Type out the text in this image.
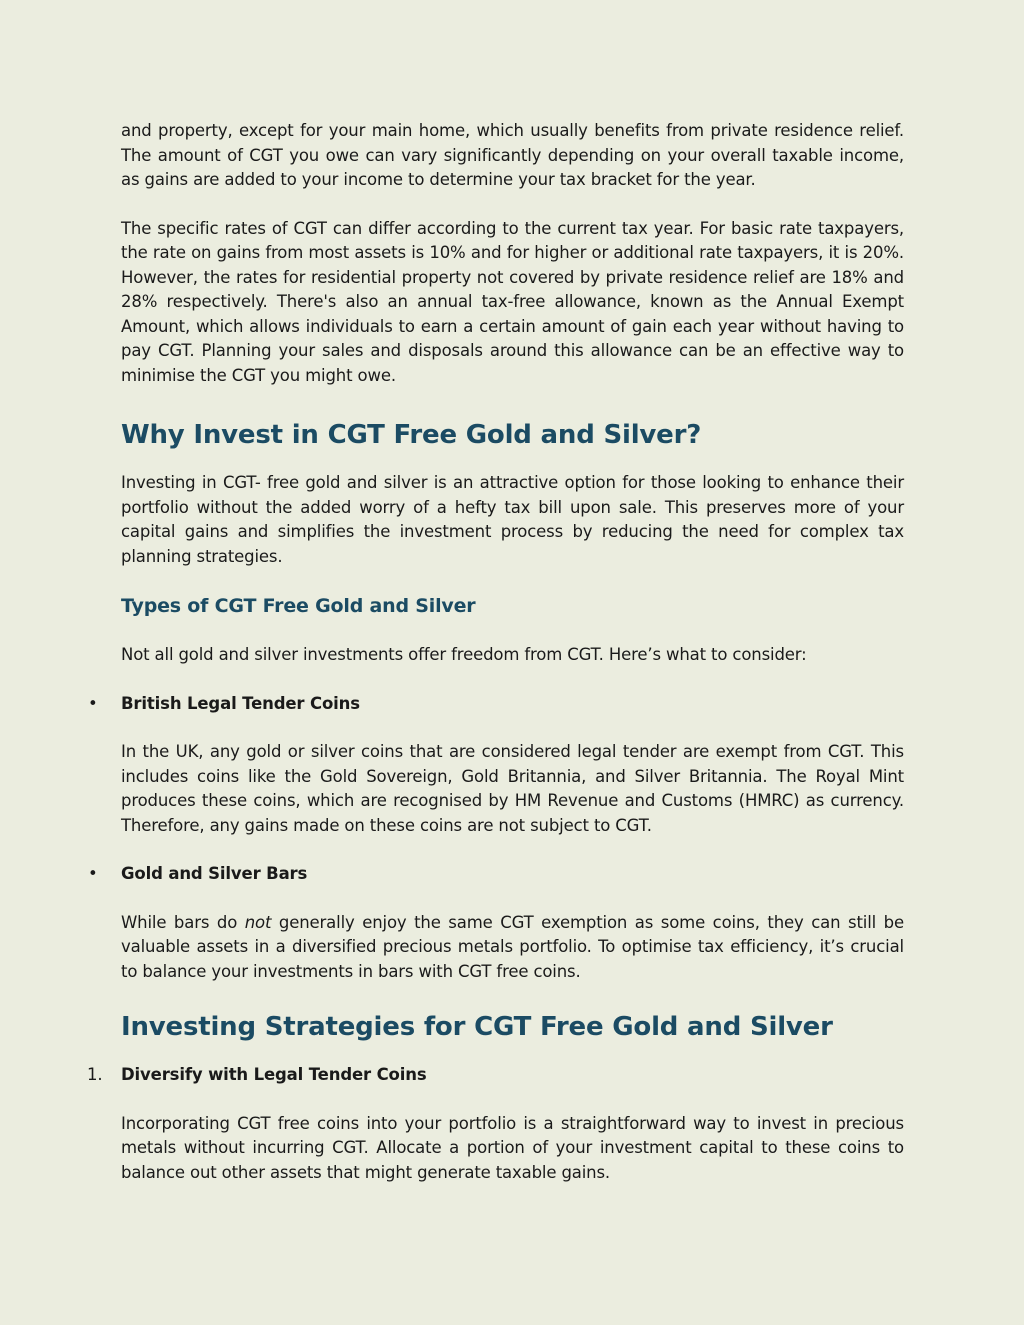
and property, except for your main home, which usually benefits from private residence relief. The amount of CGT you owe can vary significantly depending on your overall taxable income, as gains are added to your income to determine your tax bracket for the year.

The specific rates of CGT can differ according to the current tax year. For basic rate taxpayers, the rate on gains from most assets is 10% and for higher or additional rate taxpayers, it is 20%. However, the rates for residential property not covered by private residence relief are 18% and 28% respectively. There's also an annual tax-free allowance, known as the Annual Exempt Amount, which allows individuals to earn a certain amount of gain each year without having to pay CGT. Planning your sales and disposals around this allowance can be an effective way to minimise the CGT you might owe.

Why Invest in CGT Free Gold and Silver?

Investing in CGT- free gold and silver is an attractive option for those looking to enhance their portfolio without the added worry of a hefty tax bill upon sale. This preserves more of your capital gains and simplifies the investment process by reducing the need for complex tax planning strategies.

Types of CGT Free Gold and Silver

Not all gold and silver investments offer freedom from CGT. Here’s what to consider:

•	British Legal Tender Coins

In the UK, any gold or silver coins that are considered legal tender are exempt from CGT. This includes coins like the Gold Sovereign, Gold Britannia, and Silver Britannia. The Royal Mint produces these coins, which are recognised by HM Revenue and Customs (HMRC) as currency. Therefore, any gains made on these coins are not subject to CGT.

•	Gold and Silver Bars

While bars do not generally enjoy the same CGT exemption as some coins, they can still be valuable assets in a diversified precious metals portfolio. To optimise tax efficiency, it’s crucial to balance your investments in bars with CGT free coins.

Investing Strategies for CGT Free Gold and Silver

1. Diversify with Legal Tender Coins

Incorporating CGT free coins into your portfolio is a straightforward way to invest in precious metals without incurring CGT. Allocate a portion of your investment capital to these coins to balance out other assets that might generate taxable gains.
